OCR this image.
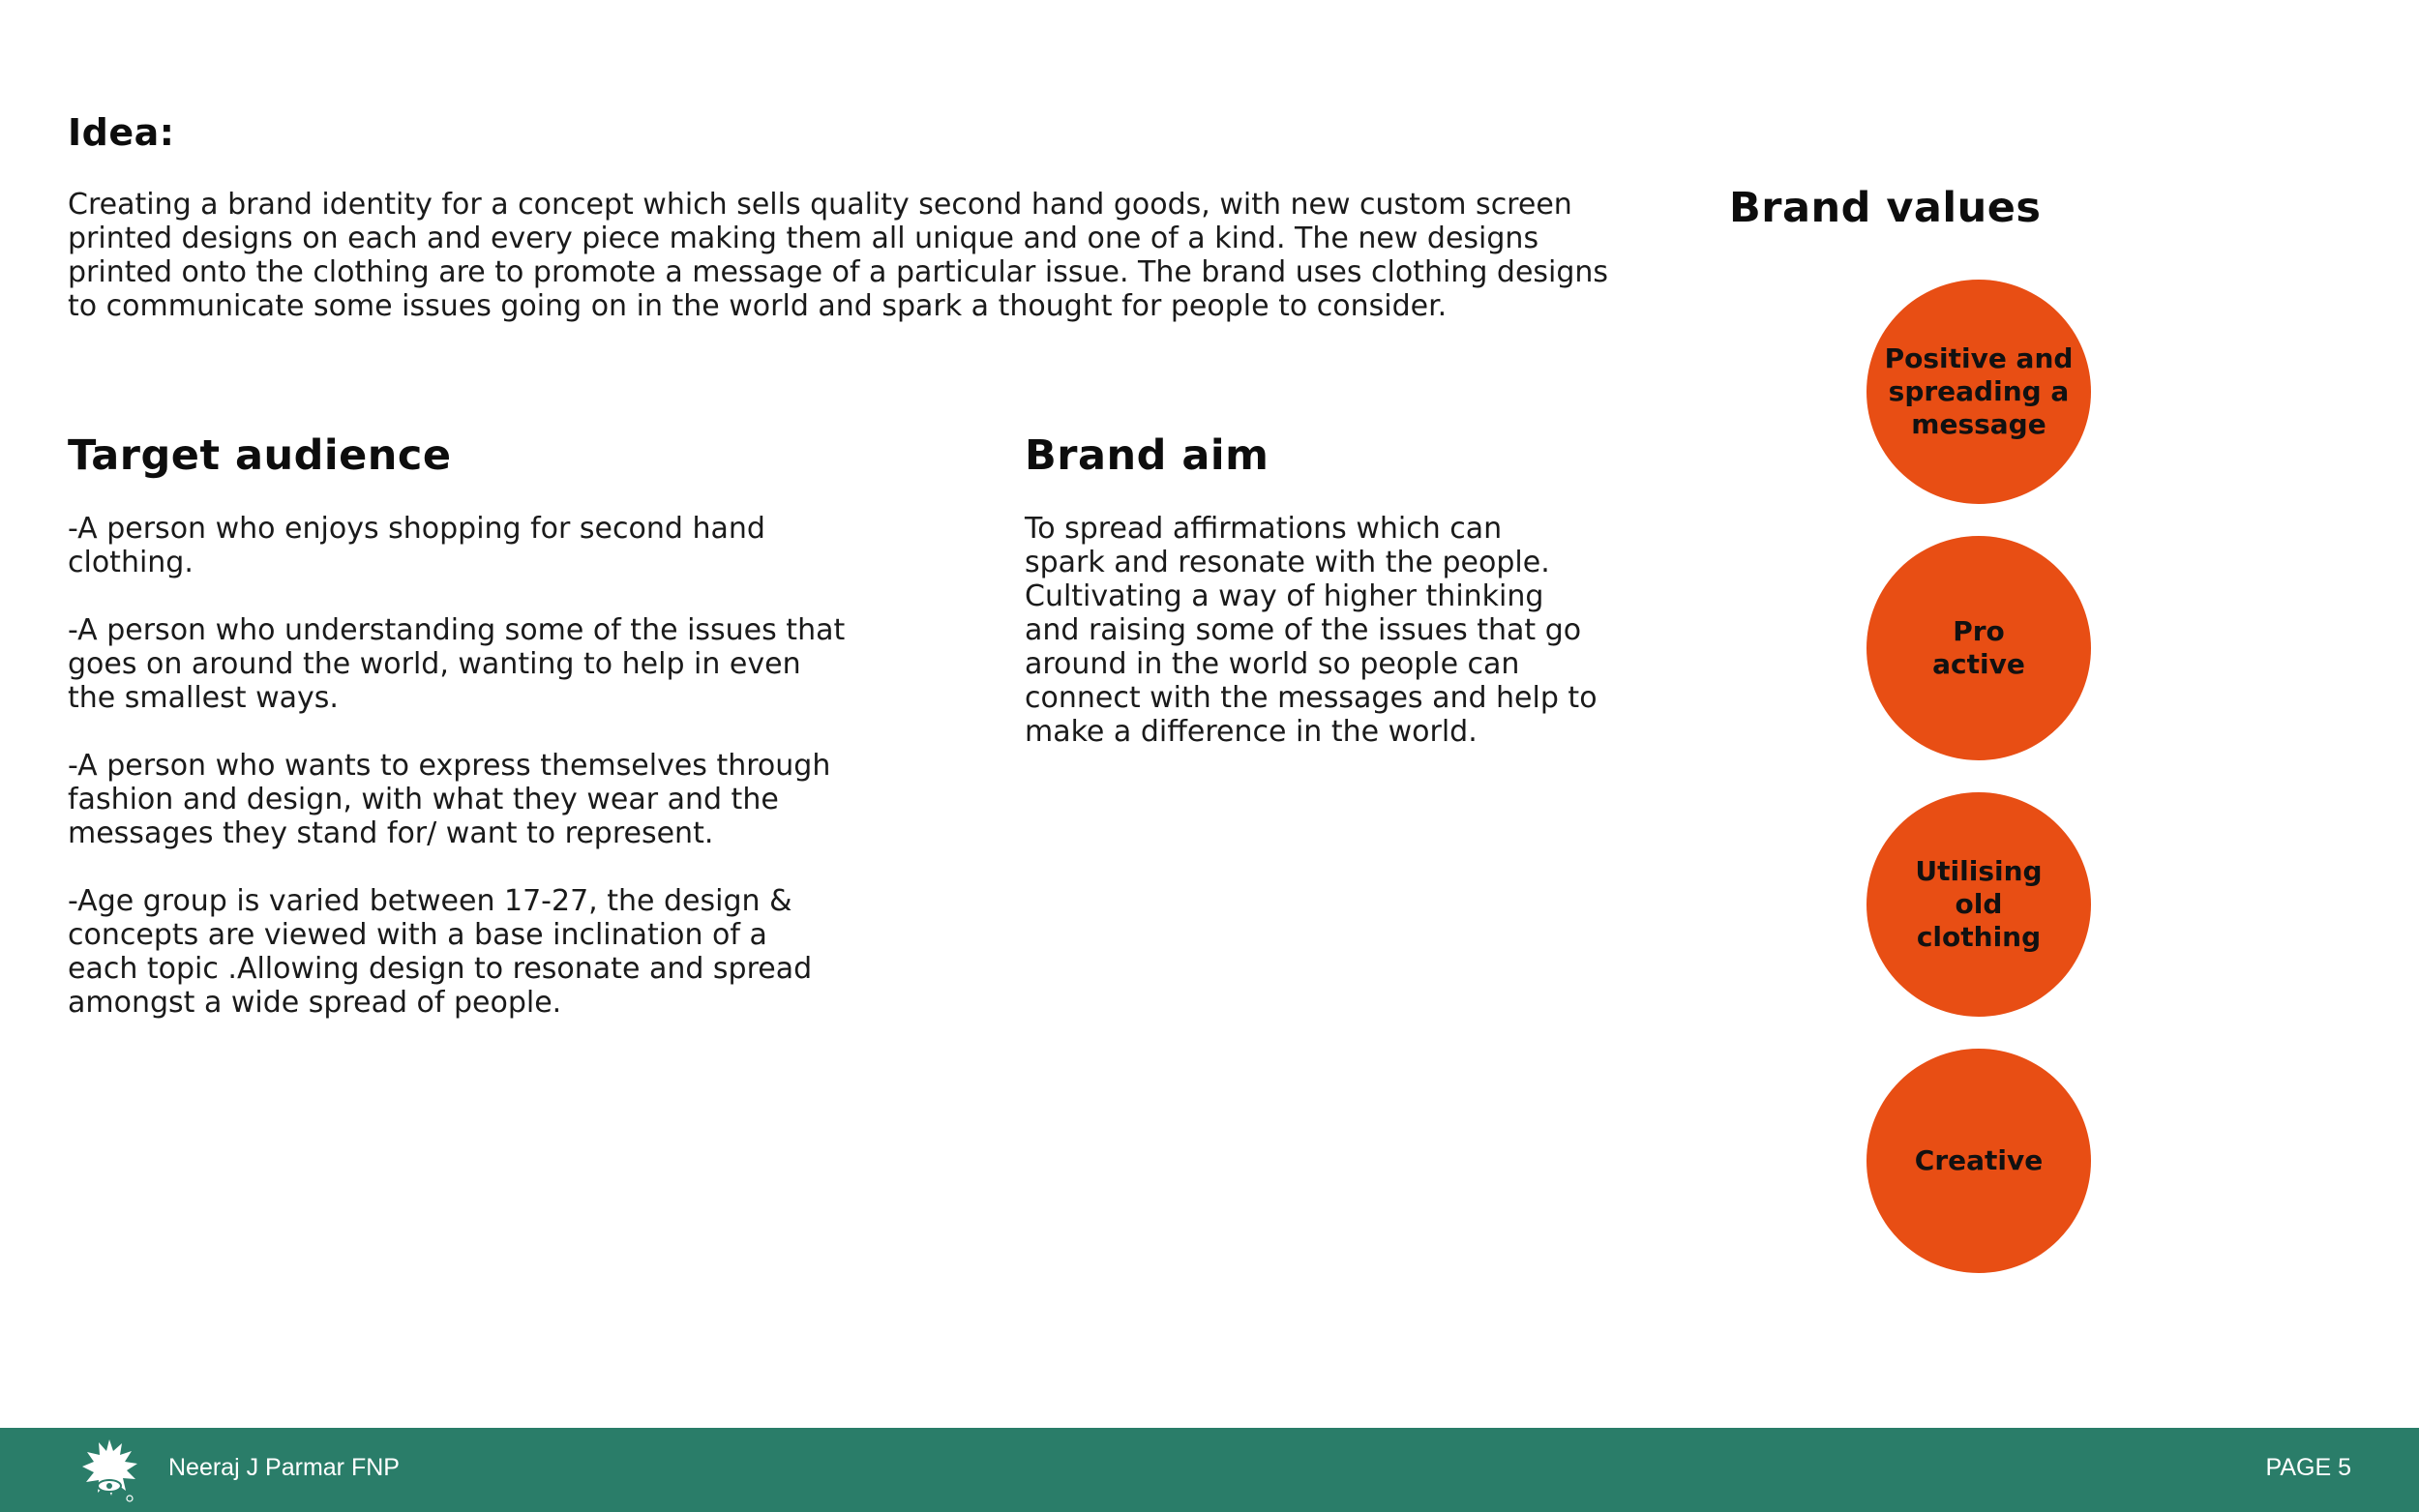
Idea:
Creating a brand identity for a concept which sells quality second hand goods, with new custom screen
printed designs on each and every piece making them all unique and one of a kind. The new designs
printed onto the clothing are to promote a message of a particular issue. The brand uses clothing designs
to communicate some issues going on in the world and spark a thought for people to consider.
Target audience
-A person who enjoys shopping for second hand
clothing.

-A person who understanding some of the issues that
goes on around the world, wanting to help in even
the smallest ways.

-A person who wants to express themselves through
fashion and design, with what they wear and the
messages they stand for/ want to represent.

-Age group is varied between 17-27, the design &
concepts are viewed with a base inclination of a
each topic .Allowing design to resonate and spread
amongst a wide spread of people.
Brand aim
To spread affirmations which can
spark and resonate with the people.
Cultivating a way of higher thinking
and raising some of the issues that go
around in the world so people can
connect with the messages and help to
make a difference in the world.
Brand values
Positive and
spreading a
message
Pro
active
Utilising
old
clothing
Creative
Neeraj J Parmar FNP	PAGE 5
